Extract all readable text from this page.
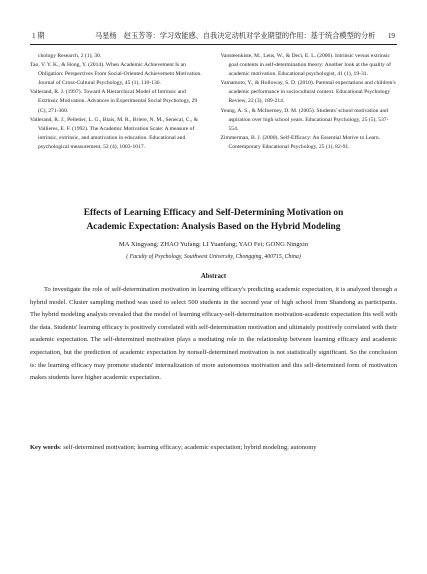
1 期	马星杨　赵玉芳等：学习效能感、自我决定动机对学业期望的作用：基于统合模型的分析 19

chology Research, 2 (1), 30.

Tao, V. Y. K., & Hong, Y. (2014). When Academic Achievement Is an Obligation: Perspectives From Social-Oriented Achievement Motivation. Journal of Cross-Cultural Psychology, 45 (1), 110-136.

Vallerand, R. J. (1997). Toward A Hierarchical Model of Intrinsic and Extrinsic Motivation. Advances in Experimental Social Psychology, 29 (C), 271-360.

Vallerand, R. J., Pelletier, L. G., Blais, M. R., Briere, N. M., Senecal, C., & Vallieres, E. F. (1992). The Academic Motivation Scale: A measure of intrinsic, extrinsic, and amotivation in education. Educational and psychological measurement, 52 (4), 1003-1017.

Vansteenkiste, M., Lens, W., & Deci, E. L. (2006). Intrinsic versus extrinsic goal contents in self-determination theory: Another look at the quality of academic motivation. Educational psychologist, 41 (1), 19-31.

Yamamoto, Y., & Holloway, S. D. (2010). Parental expectations and children's academic performance in sociocultural context. Educational Psychology Review, 22 (3), 189-214.

Yeung, A. S., & McInerney, D. M. (2005). Students' school motivation and aspiration over high school years. Educational Psychology, 25 (5), 537-554.

Zimmerman, B. J. (2000). Self-Efficacy: An Essential Motive to Learn. Contemporary Educational Psychology, 25 (1), 82-91.

Effects of Learning Efficacy and Self-Determining Motivation on
Academic Expectation: Analysis Based on the Hybrid Modeling
MA Xingyang; ZHAO Yufang; LI Yuanfang; YAO Fei; GONG Ningxin
( Faculty of Psychology, Southwest University, Chongqing, 400715, China)
Abstract

To investigate the role of self-determination motivation in learning efficacy's predicting academic expectation, it is analyzed through a hybrid model. Cluster sampling method was used to select 500 students in the second year of high school from Shandong as participants. The hybrid modeling analysis revealed that the model of learning efficacy-self-determination motivation-academic expectation fits well with the data. Students' learning efficacy is positively correlated with self-determination motivation and ultimately positively correlated with their academic expectation. The self-determined motivation plays a mediating role in the relationship between learning efficacy and academic expectation, but the prediction of academic expectation by nonself-determined motivation is not statistically significant. So the conclusion is: the learning efficacy may promote students' internalization of more autonomous motivation and this self-determined form of motivation makes students have higher academic expectation.

Key words: self-determined motivation; learning efficacy; academic expectation; hybrid modeling; autonomy
